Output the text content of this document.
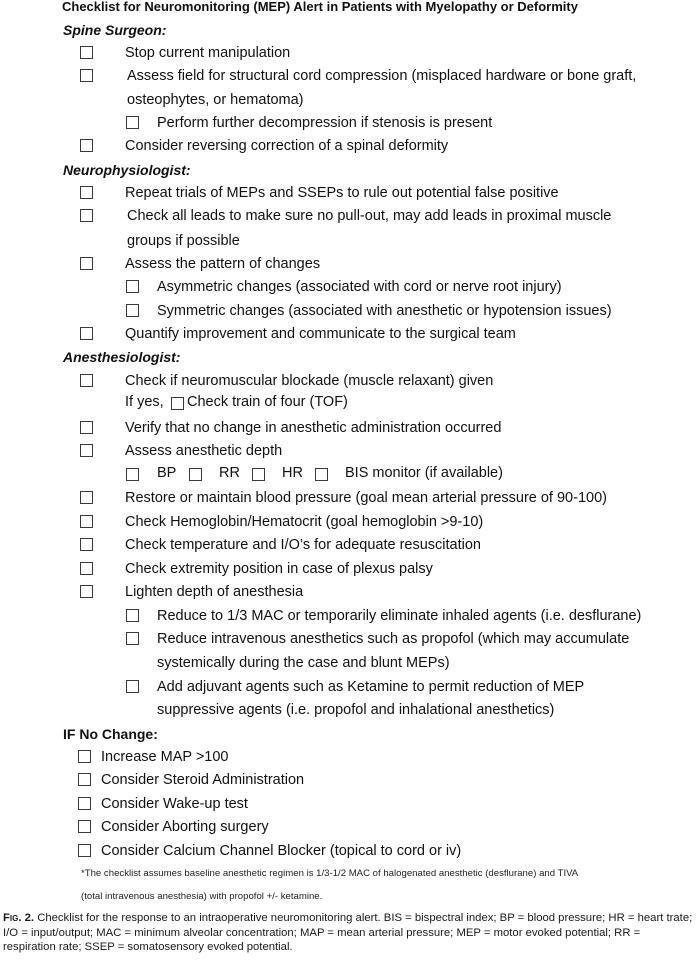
Checklist for Neuromonitoring (MEP) Alert in Patients with Myelopathy or Deformity
Spine Surgeon:
Stop current manipulation
Assess field for structural cord compression (misplaced hardware or bone graft,
osteophytes, or hematoma)
Perform further decompression if stenosis is present
Consider reversing correction of a spinal deformity
Neurophysiologist:
Repeat trials of MEPs and SSEPs to rule out potential false positive
Check all leads to make sure no pull-out, may add leads in proximal muscle
groups if possible
Assess the pattern of changes
Asymmetric changes (associated with cord or nerve root injury)
Symmetric changes (associated with anesthetic or hypotension issues)
Quantify improvement and communicate to the surgical team
Anesthesiologist:
Check if neuromuscular blockade (muscle relaxant) given
If yes, Check train of four (TOF)
Verify that no change in anesthetic administration occurred
Assess anesthetic depth
BP	RR	HR	BIS monitor (if available)
Restore or maintain blood pressure (goal mean arterial pressure of 90-100)
Check Hemoglobin/Hematocrit (goal hemoglobin >9-10)
Check temperature and I/O’s for adequate resuscitation
Check extremity position in case of plexus palsy
Lighten depth of anesthesia
Reduce to 1/3 MAC or temporarily eliminate inhaled agents (i.e. desflurane)
Reduce intravenous anesthetics such as propofol (which may accumulate
systemically during the case and blunt MEPs)
Add adjuvant agents such as Ketamine to permit reduction of MEP
suppressive agents (i.e. propofol and inhalational anesthetics)
IF No Change:
Increase MAP >100
Consider Steroid Administration
Consider Wake-up test
Consider Aborting surgery
Consider Calcium Channel Blocker (topical to cord or iv)
*The checklist assumes baseline anesthetic regimen is 1/3-1/2 MAC of halogenated anesthetic (desflurane) and TIVA
(total intravenous anesthesia) with propofol +/- ketamine.
Fig. 2. Checklist for the response to an intraoperative neuromonitoring alert. BIS = bispectral index; BP = blood pressure; HR = heart trate; I/O = input/output; MAC = minimum alveolar concentration; MAP = mean arterial pressure; MEP = motor evoked potential; RR = respiration rate; SSEP = somatosensory evoked potential.
